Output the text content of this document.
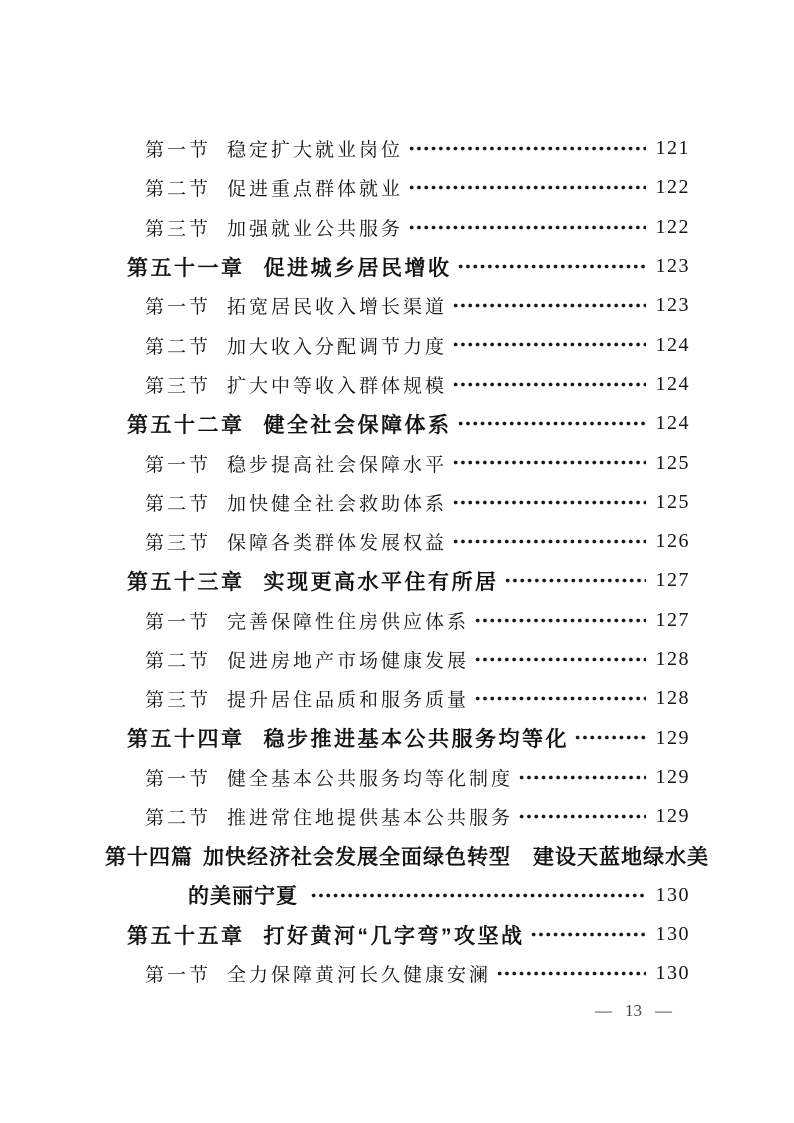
第一节 稳定扩大就业岗位	121
第二节 促进重点群体就业	122
第三节 加强就业公共服务	122
第五十一章 促进城乡居民增收	123
第一节 拓宽居民收入增长渠道	123
第二节 加大收入分配调节力度	124
第三节 扩大中等收入群体规模	124
第五十二章 健全社会保障体系	124
第一节 稳步提高社会保障水平	125
第二节 加快健全社会救助体系	125
第三节 保障各类群体发展权益	126
第五十三章 实现更高水平住有所居	127
第一节 完善保障性住房供应体系	127
第二节 促进房地产市场健康发展	128
第三节 提升居住品质和服务质量	128
第五十四章 稳步推进基本公共服务均等化	129
第一节 健全基本公共服务均等化制度	129
第二节 推进常住地提供基本公共服务	129
第十四篇 加快经济社会发展全面绿色转型　建设天蓝地绿水美
的美丽宁夏	130
第五十五章 打好黄河“几字弯”攻坚战	130
第一节 全力保障黄河长久健康安澜	130
— 13 —
